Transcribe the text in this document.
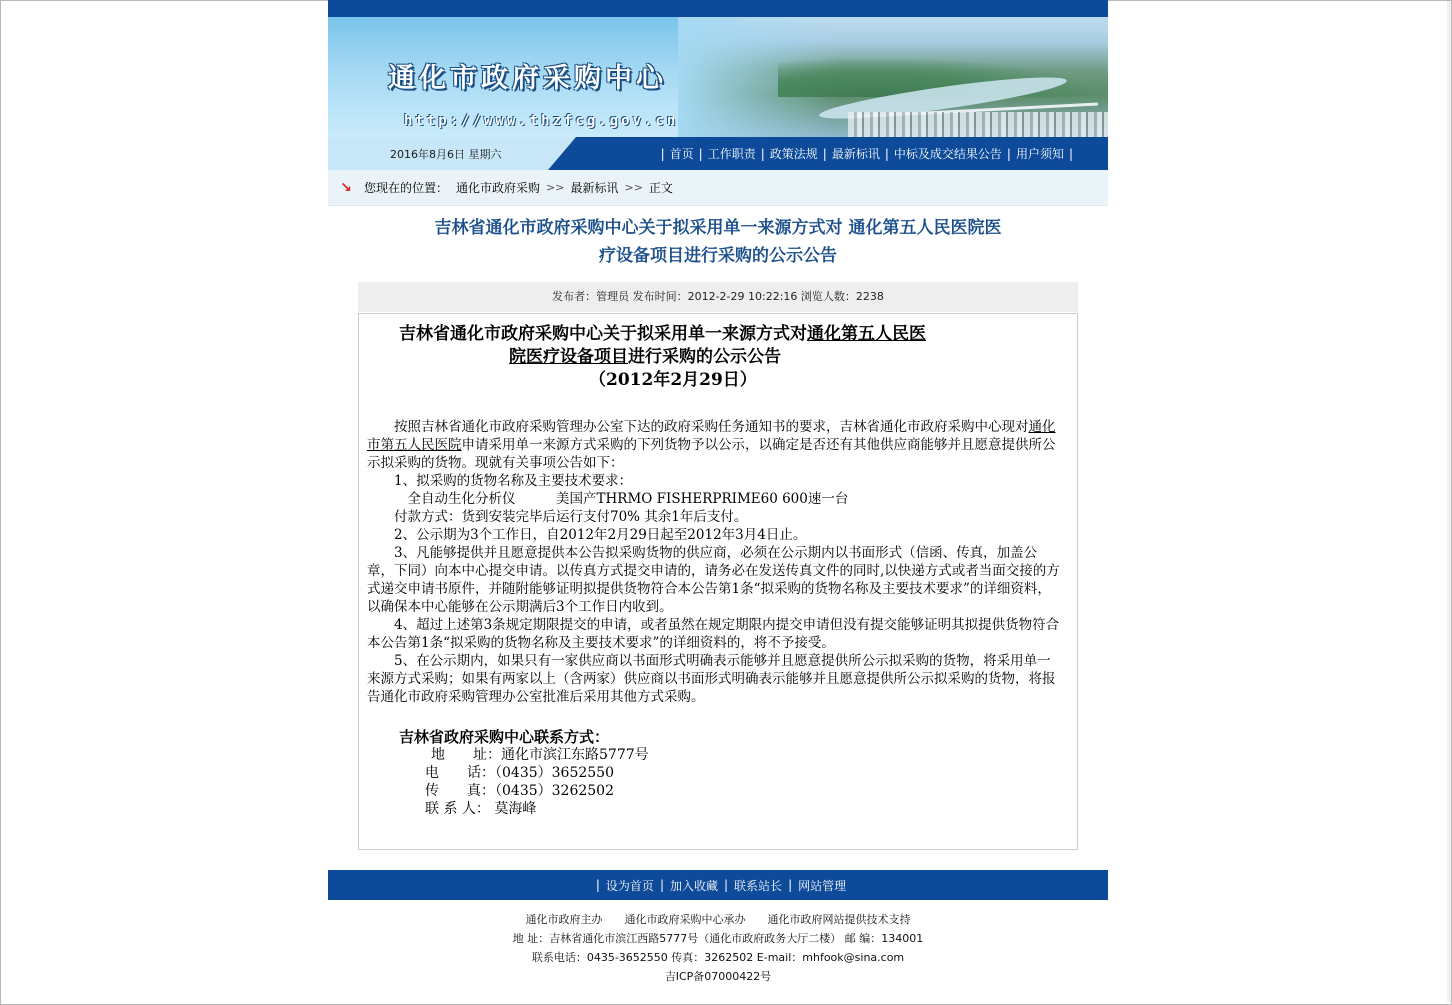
通化市政府采购中心
http://www.thzfcg.gov.cn
2016年8月6日 星期六	| 首页 | 工作职责 | 政策法规 | 最新标讯 | 中标及成交结果公告 | 用户须知 |
↘	您现在的位置： 通化市政府采购 >> 最新标讯 >> 正文
吉林省通化市政府采购中心关于拟采用单一来源方式对 通化第五人民医院医
疗设备项目进行采购的公示公告
发布者：管理员 发布时间：2012-2-29 10:22:16 浏览人数：2238
吉林省通化市政府采购中心关于拟采用单一来源方式对通化第五人民医
院医疗设备项目进行采购的公示公告
（2012年2月29日）

按照吉林省通化市政府采购管理办公室下达的政府采购任务通知书的要求，吉林省通化市政府采购中心现对通化市第五人民医院申请采用单一来源方式采购的下列货物予以公示，以确定是否还有其他供应商能够并且愿意提供所公示拟采购的货物。现就有关事项公告如下：

1、拟采购的货物名称及主要技术要求：

全自动生化分析仪　　　美国产THRMO FISHERPRIME60 600速一台

付款方式：货到安装完毕后运行支付70% 其余1年后支付。

2、公示期为3个工作日，自2012年2月29日起至2012年3月4日止。

3、凡能够提供并且愿意提供本公告拟采购货物的供应商，必须在公示期内以书面形式（信函、传真，加盖公章，下同）向本中心提交申请。以传真方式提交申请的，请务必在发送传真文件的同时,以快递方式或者当面交接的方式递交申请书原件，并随附能够证明拟提供货物符合本公告第1条“拟采购的货物名称及主要技术要求”的详细资料，以确保本中心能够在公示期满后3个工作日内收到。

4、超过上述第3条规定期限提交的申请，或者虽然在规定期限内提交申请但没有提交能够证明其拟提供货物符合本公告第1条“拟采购的货物名称及主要技术要求”的详细资料的，将不予接受。

5、在公示期内，如果只有一家供应商以书面形式明确表示能够并且愿意提供所公示拟采购的货物，将采用单一来源方式采购；如果有两家以上（含两家）供应商以书面形式明确表示能够并且愿意提供所公示拟采购的货物，将报告通化市政府采购管理办公室批准后采用其他方式采购。

吉林省政府采购中心联系方式：
地　　址：通化市滨江东路5777号
电　　话：（0435）3652550
传　　真：（0435）3262502
联 系 人： 莫海峰
| 设为首页 | 加入收藏 | 联系站长 | 网站管理
通化市政府主办 通化市政府采购中心承办 通化市政府网站提供技术支持
地 址：吉林省通化市滨江西路5777号（通化市政府政务大厅二楼） 邮 编：134001
联系电话：0435-3652550 传真：3262502 E-mail：mhfook@sina.com
吉ICP备07000422号
